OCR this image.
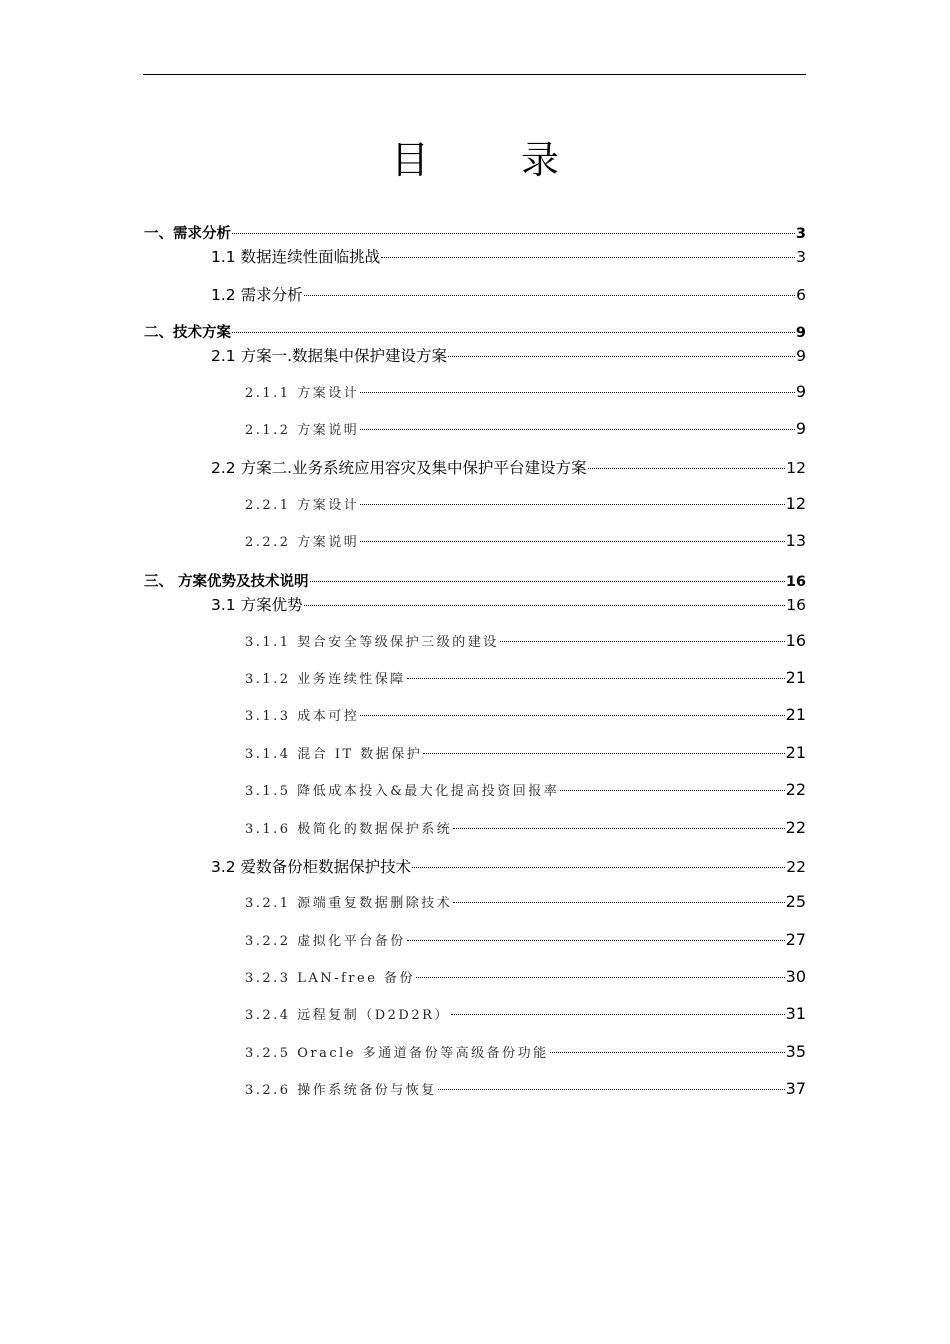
目 录
一、需求分析	3
1.1 数据连续性面临挑战	3
1.2 需求分析	6
二、技术方案	9
2.1 方案一.数据集中保护建设方案	9
2.1.1 方案设计	9
2.1.2 方案说明	9
2.2 方案二.业务系统应用容灾及集中保护平台建设方案	12
2.2.1 方案设计	12
2.2.2 方案说明	13
三、 方案优势及技术说明	16
3.1 方案优势	16
3.1.1 契合安全等级保护三级的建设	16
3.1.2 业务连续性保障	21
3.1.3 成本可控	21
3.1.4 混合 IT 数据保护	21
3.1.5 降低成本投入&最大化提高投资回报率	22
3.1.6 极简化的数据保护系统	22
3.2 爱数备份柜数据保护技术	22
3.2.1 源端重复数据删除技术	25
3.2.2 虚拟化平台备份	27
3.2.3 LAN-free 备份	30
3.2.4 远程复制（D2D2R）	31
3.2.5 Oracle 多通道备份等高级备份功能	35
3.2.6 操作系统备份与恢复	37
